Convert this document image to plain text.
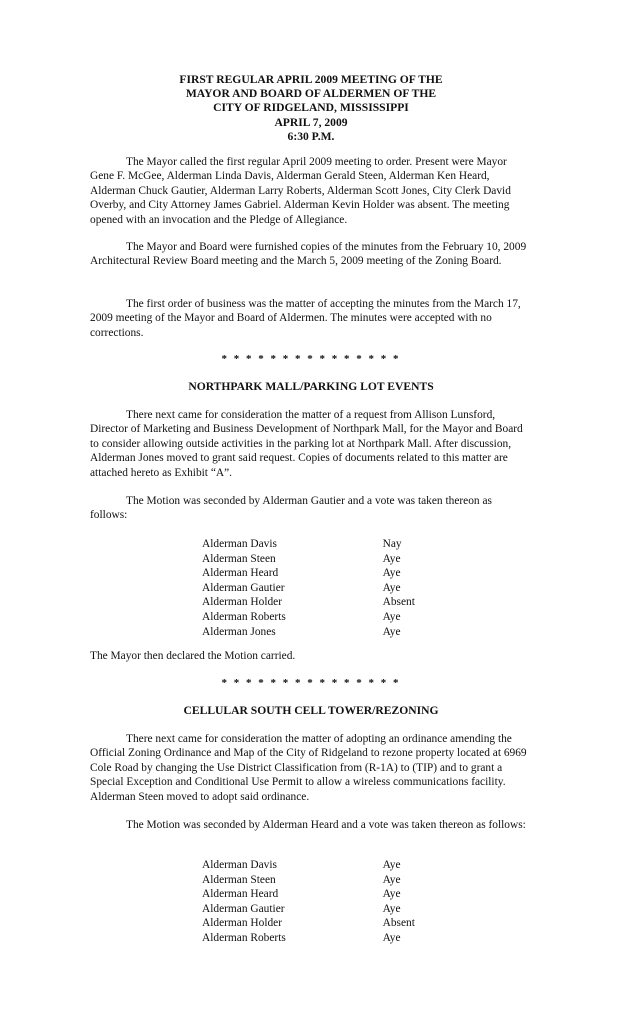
FIRST REGULAR APRIL 2009 MEETING OF THE
MAYOR AND BOARD OF ALDERMEN OF THE
CITY OF RIDGELAND, MISSISSIPPI
APRIL 7, 2009
6:30 P.M.
The Mayor called the first regular April 2009 meeting to order. Present were Mayor Gene F. McGee, Alderman Linda Davis, Alderman Gerald Steen, Alderman Ken Heard, Alderman Chuck Gautier, Alderman Larry Roberts, Alderman Scott Jones, City Clerk David Overby, and City Attorney James Gabriel. Alderman Kevin Holder was absent. The meeting opened with an invocation and the Pledge of Allegiance.
The Mayor and Board were furnished copies of the minutes from the February 10, 2009 Architectural Review Board meeting and the March 5, 2009 meeting of the Zoning Board.
The first order of business was the matter of accepting the minutes from the March 17, 2009 meeting of the Mayor and Board of Aldermen. The minutes were accepted with no corrections.
* * * * * * * * * * * * * * *
NORTHPARK MALL/PARKING LOT EVENTS
There next came for consideration the matter of a request from Allison Lunsford, Director of Marketing and Business Development of Northpark Mall, for the Mayor and Board to consider allowing outside activities in the parking lot at Northpark Mall. After discussion, Alderman Jones moved to grant said request. Copies of documents related to this matter are attached hereto as Exhibit “A”.
The Motion was seconded by Alderman Gautier and a vote was taken thereon as follows:
Alderman Davis	Nay
Alderman Steen	Aye
Alderman Heard	Aye
Alderman Gautier	Aye
Alderman Holder	Absent
Alderman Roberts	Aye
Alderman Jones	Aye
The Mayor then declared the Motion carried.
* * * * * * * * * * * * * * *
CELLULAR SOUTH CELL TOWER/REZONING
There next came for consideration the matter of adopting an ordinance amending the Official Zoning Ordinance and Map of the City of Ridgeland to rezone property located at 6969 Cole Road by changing the Use District Classification from (R-1A) to (TIP) and to grant a Special Exception and Conditional Use Permit to allow a wireless communications facility. Alderman Steen moved to adopt said ordinance.
The Motion was seconded by Alderman Heard and a vote was taken thereon as follows:
Alderman Davis	Aye
Alderman Steen	Aye
Alderman Heard	Aye
Alderman Gautier	Aye
Alderman Holder	Absent
Alderman Roberts	Aye
